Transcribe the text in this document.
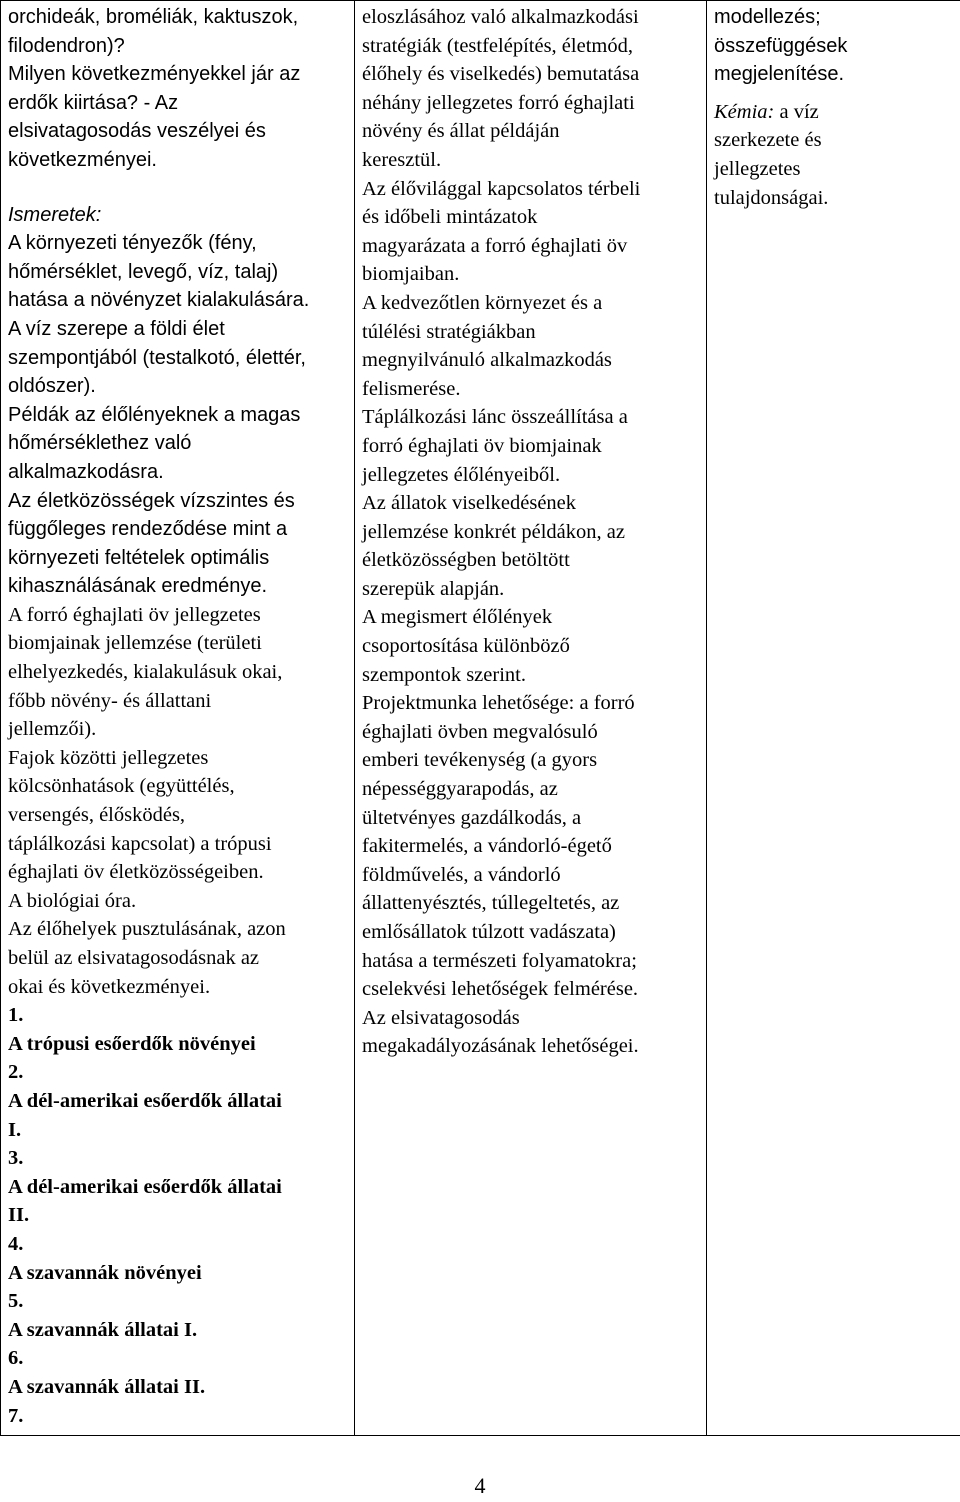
orchideák, broméliák, kaktuszok,
filodendron)?
Milyen következményekkel jár az
erdők kiirtása? - Az
elsivatagosodás veszélyei és
következményei.
Ismeretek:
A környezeti tényezők (fény,
hőmérséklet, levegő, víz, talaj)
hatása a növényzet kialakulására.
A víz szerepe a földi élet
szempontjából (testalkotó, élettér,
oldószer).
Példák az élőlényeknek a magas
hőmérséklethez való
alkalmazkodásra.
Az életközösségek vízszintes és
függőleges rendeződése mint a
környezeti feltételek optimális
kihasználásának eredménye.
A forró éghajlati öv jellegzetes
biomjainak jellemzése (területi
elhelyezkedés, kialakulásuk okai,
főbb növény- és állattani
jellemzői).
Fajok közötti jellegzetes
kölcsönhatások (együttélés,
versengés, élősködés,
táplálkozási kapcsolat) a trópusi
éghajlati öv életközösségeiben.
A biológiai óra.
Az élőhelyek pusztulásának, azon
belül az elsivatagosodásnak az
okai és következményei.
1.
A trópusi esőerdők növényei
2.
A dél-amerikai esőerdők állatai
I.
3.
A dél-amerikai esőerdők állatai
II.
4.
A szavannák növényei
5.
A szavannák állatai I.
6.
A szavannák állatai II.
7.

eloszlásához való alkalmazkodási
stratégiák (testfelépítés, életmód,
élőhely és viselkedés) bemutatása
néhány jellegzetes forró éghajlati
növény és állat példáján
keresztül.
Az élővilággal kapcsolatos térbeli
és időbeli mintázatok
magyarázata a forró éghajlati öv
biomjaiban.
A kedvezőtlen környezet és a
túlélési stratégiákban
megnyilvánuló alkalmazkodás
felismerése.
Táplálkozási lánc összeállítása a
forró éghajlati öv biomjainak
jellegzetes élőlényeiből.
Az állatok viselkedésének
jellemzése konkrét példákon, az
életközösségben betöltött
szerepük alapján.
A megismert élőlények
csoportosítása különböző
szempontok szerint.
Projektmunka lehetősége: a forró
éghajlati övben megvalósuló
emberi tevékenység (a gyors
népességgyarapodás, az
ültetvényes gazdálkodás, a
fakitermelés, a vándorló-égető
földművelés, a vándorló
állattenyésztés, túllegeltetés, az
emlősállatok túlzott vadászata)
hatása a természeti folyamatokra;
cselekvési lehetőségek felmérése.
Az elsivatagosodás
megakadályozásának lehetőségei.

modellezés;
összefüggések
megjelenítése.
Kémia: a víz
szerkezete és
jellegzetes
tulajdonságai.
4
